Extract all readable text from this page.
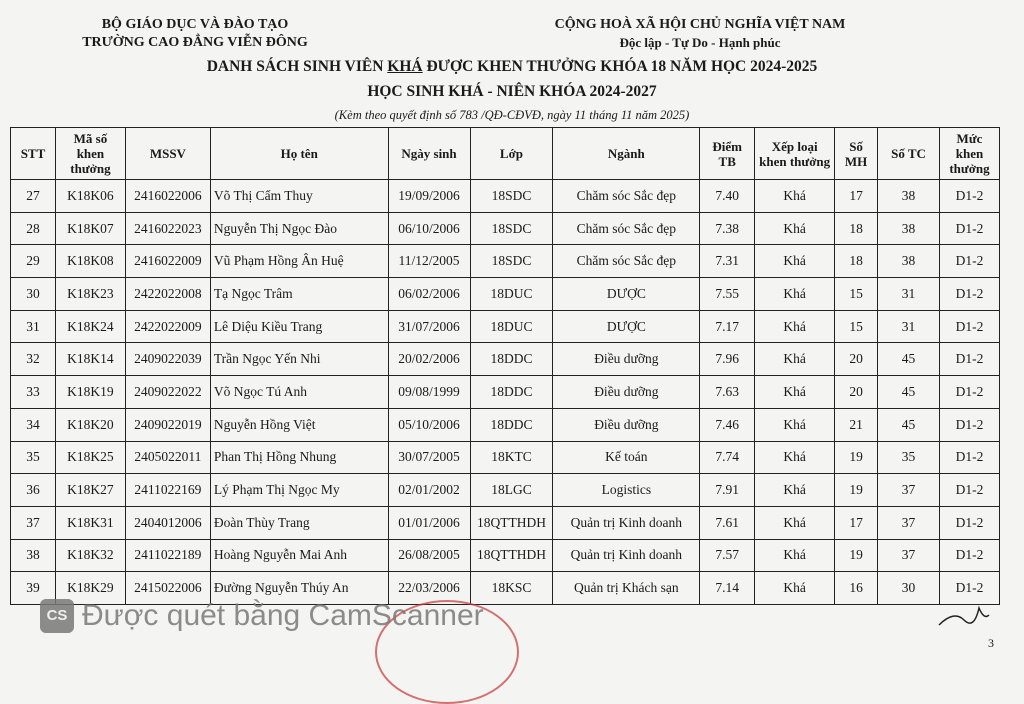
BỘ GIÁO DỤC VÀ ĐÀO TẠO
TRƯỜNG CAO ĐẲNG VIỄN ĐÔNG
CỘNG HOÀ XÃ HỘI CHỦ NGHĨA VIỆT NAM
Độc lập - Tự Do - Hạnh phúc
DANH SÁCH SINH VIÊN KHÁ ĐƯỢC KHEN THƯỞNG KHÓA 18 NĂM HỌC 2024-2025
HỌC SINH KHÁ - NIÊN KHÓA 2024-2027
(Kèm theo quyết định số 783 /QĐ-CĐVĐ, ngày 11 tháng 11 năm 2025)
STT	Mã số khen thưởng	MSSV	Họ tên	Ngày sinh	Lớp	Ngành	Điểm TB	Xếp loại khen thưởng	Số MH	Số TC	Mức khen thưởng
27	K18K06	2416022006	Võ Thị Cẩm Thuy	19/09/2006	18SDC	Chăm sóc Sắc đẹp	7.40	Khá	17	38	D1-2
28	K18K07	2416022023	Nguyễn Thị Ngọc Đào	06/10/2006	18SDC	Chăm sóc Sắc đẹp	7.38	Khá	18	38	D1-2
29	K18K08	2416022009	Vũ Phạm Hồng Ân Huệ	11/12/2005	18SDC	Chăm sóc Sắc đẹp	7.31	Khá	18	38	D1-2
30	K18K23	2422022008	Tạ Ngọc Trâm	06/02/2006	18DUC	DƯỢC	7.55	Khá	15	31	D1-2
31	K18K24	2422022009	Lê Diệu Kiều Trang	31/07/2006	18DUC	DƯỢC	7.17	Khá	15	31	D1-2
32	K18K14	2409022039	Trần Ngọc Yến Nhi	20/02/2006	18DDC	Điều dưỡng	7.96	Khá	20	45	D1-2
33	K18K19	2409022022	Võ Ngọc Tú Anh	09/08/1999	18DDC	Điều dưỡng	7.63	Khá	20	45	D1-2
34	K18K20	2409022019	Nguyễn Hồng Việt	05/10/2006	18DDC	Điều dưỡng	7.46	Khá	21	45	D1-2
35	K18K25	2405022011	Phan Thị Hồng Nhung	30/07/2005	18KTC	Kế toán	7.74	Khá	19	35	D1-2
36	K18K27	2411022169	Lý Phạm Thị Ngọc My	02/01/2002	18LGC	Logistics	7.91	Khá	19	37	D1-2
37	K18K31	2404012006	Đoàn Thùy Trang	01/01/2006	18QTTHDH	Quản trị Kinh doanh	7.61	Khá	17	37	D1-2
38	K18K32	2411022189	Hoàng Nguyễn Mai Anh	26/08/2005	18QTTHDH	Quản trị Kinh doanh	7.57	Khá	19	37	D1-2
39	K18K29	2415022006	Đường Nguyễn Thúy An	22/03/2006	18KSC	Quản trị Khách sạn	7.14	Khá	16	30	D1-2
CS Được quét bằng CamScanner
3
